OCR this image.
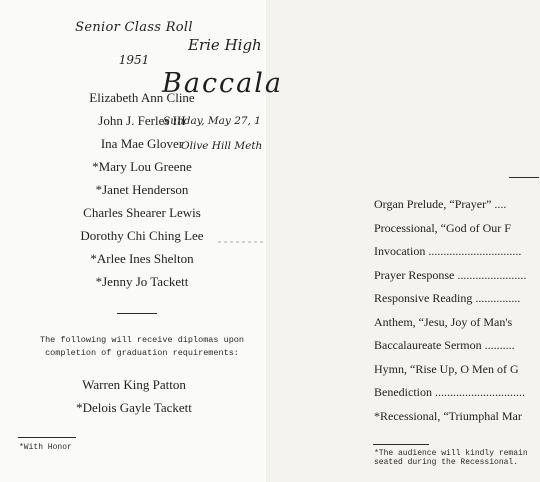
Senior Class Roll
1951
Elizabeth Ann Cline
John J. Ferles III
Ina Mae Glover
*Mary Lou Greene
*Janet Henderson
Charles Shearer Lewis
Dorothy Chi Ching Lee
*Arlee Ines Shelton
*Jenny Jo Tackett
The following will receive diplomas upon
completion of graduation requirements:
Warren King Patton
*Delois Gayle Tackett
*With Honor
Erie High
Baccala
Sunday, May 27, 1
Olive Hill Meth
Organ Prelude, “Prayer” ....
Processional, “God of Our F
Invocation ...............................
Prayer Response .......................
Responsive Reading ...............
Anthem, “Jesu, Joy of Man's
Baccalaureate Sermon ..........
Hymn, “Rise Up, O Men of G
Benediction ..............................
*Recessional, “Triumphal Mar
*The audience will kindly remain
seated during the Recessional.
